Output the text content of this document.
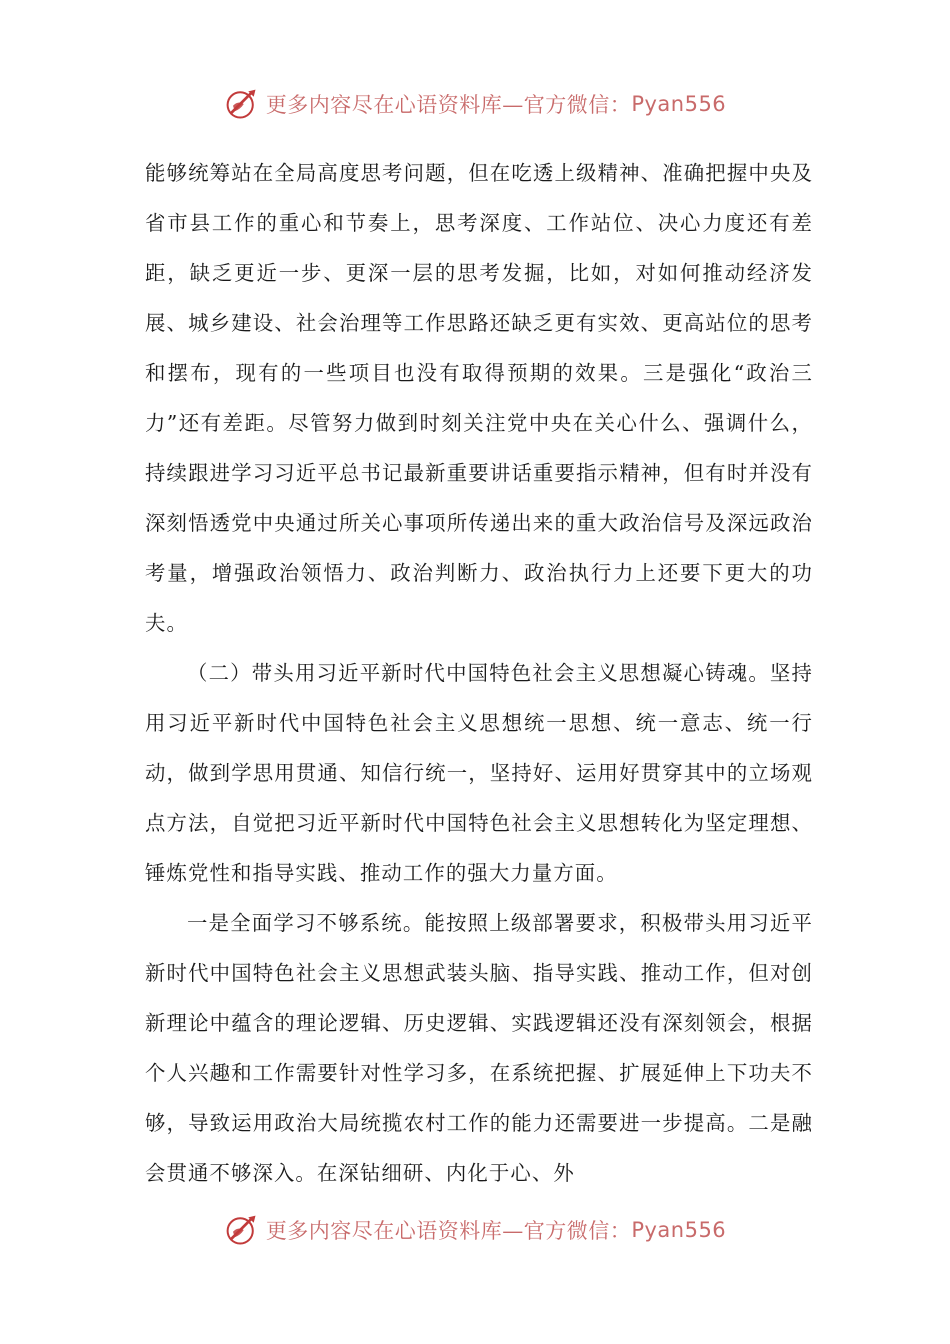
更多内容尽在心语资料库—官方微信： Pyan556

能够统筹站在全局高度思考问题，但在吃透上级精神、准确把握中央及省市县工作的重心和节奏上，思考深度、工作站位、决心力度还有差距，缺乏更近一步、更深一层的思考发掘，比如，对如何推动经济发展、城乡建设、社会治理等工作思路还缺乏更有实效、更高站位的思考和摆布，现有的一些项目也没有取得预期的效果。三是强化“政治三力”还有差距。尽管努力做到时刻关注党中央在关心什么、强调什么，持续跟进学习习近平总书记最新重要讲话重要指示精神，但有时并没有深刻悟透党中央通过所关心事项所传递出来的重大政治信号及深远政治考量，增强政治领悟力、政治判断力、政治执行力上还要下更大的功夫。

（二）带头用习近平新时代中国特色社会主义思想凝心铸魂。坚持用习近平新时代中国特色社会主义思想统一思想、统一意志、统一行动，做到学思用贯通、知信行统一，坚持好、运用好贯穿其中的立场观点方法，自觉把习近平新时代中国特色社会主义思想转化为坚定理想、锤炼党性和指导实践、推动工作的强大力量方面。

一是全面学习不够系统。能按照上级部署要求，积极带头用习近平新时代中国特色社会主义思想武装头脑、指导实践、推动工作，但对创新理论中蕴含的理论逻辑、历史逻辑、实践逻辑还没有深刻领会，根据个人兴趣和工作需要针对性学习多，在系统把握、扩展延伸上下功夫不够，导致运用政治大局统揽农村工作的能力还需要进一步提高。二是融会贯通不够深入。在深钻细研、内化于心、外

更多内容尽在心语资料库—官方微信： Pyan556
